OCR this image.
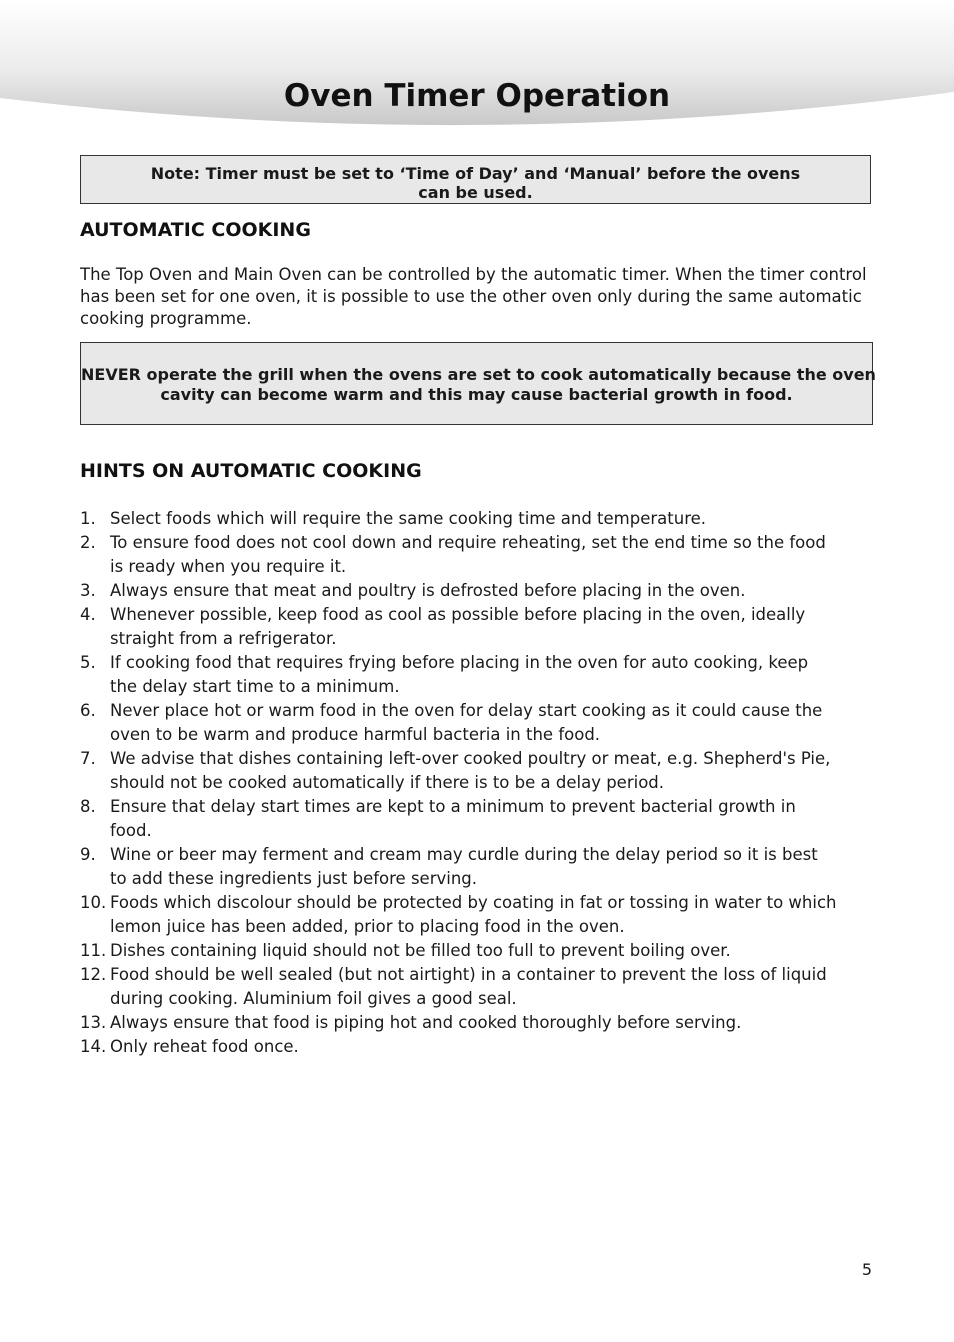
Oven Timer Operation
Note: Timer must be set to ‘Time of Day’ and ‘Manual’ before the ovens
can be used.
AUTOMATIC COOKING

The Top Oven and Main Oven can be controlled by the automatic timer. When the timer control
has been set for one oven, it is possible to use the other oven only during the same automatic
cooking programme.

NEVER operate the grill when the ovens are set to cook automatically because the oven
cavity can become warm and this may cause bacterial growth in food.
HINTS ON AUTOMATIC COOKING
1. Select foods which will require the same cooking time and temperature.
2. To ensure food does not cool down and require reheating, set the end time so the food
is ready when you require it.
3. Always ensure that meat and poultry is defrosted before placing in the oven.
4. Whenever possible, keep food as cool as possible before placing in the oven, ideally
straight from a refrigerator.
5. If cooking food that requires frying before placing in the oven for auto cooking, keep
the delay start time to a minimum.
6. Never place hot or warm food in the oven for delay start cooking as it could cause the
oven to be warm and produce harmful bacteria in the food.
7. We advise that dishes containing left-over cooked poultry or meat, e.g. Shepherd's Pie,
should not be cooked automatically if there is to be a delay period.
8. Ensure that delay start times are kept to a minimum to prevent bacterial growth in
food.
9. Wine or beer may ferment and cream may curdle during the delay period so it is best
to add these ingredients just before serving.
10. Foods which discolour should be protected by coating in fat or tossing in water to which
lemon juice has been added, prior to placing food in the oven.
11. Dishes containing liquid should not be filled too full to prevent boiling over.
12. Food should be well sealed (but not airtight) in a container to prevent the loss of liquid
during cooking. Aluminium foil gives a good seal.
13. Always ensure that food is piping hot and cooked thoroughly before serving.
14. Only reheat food once.
5
